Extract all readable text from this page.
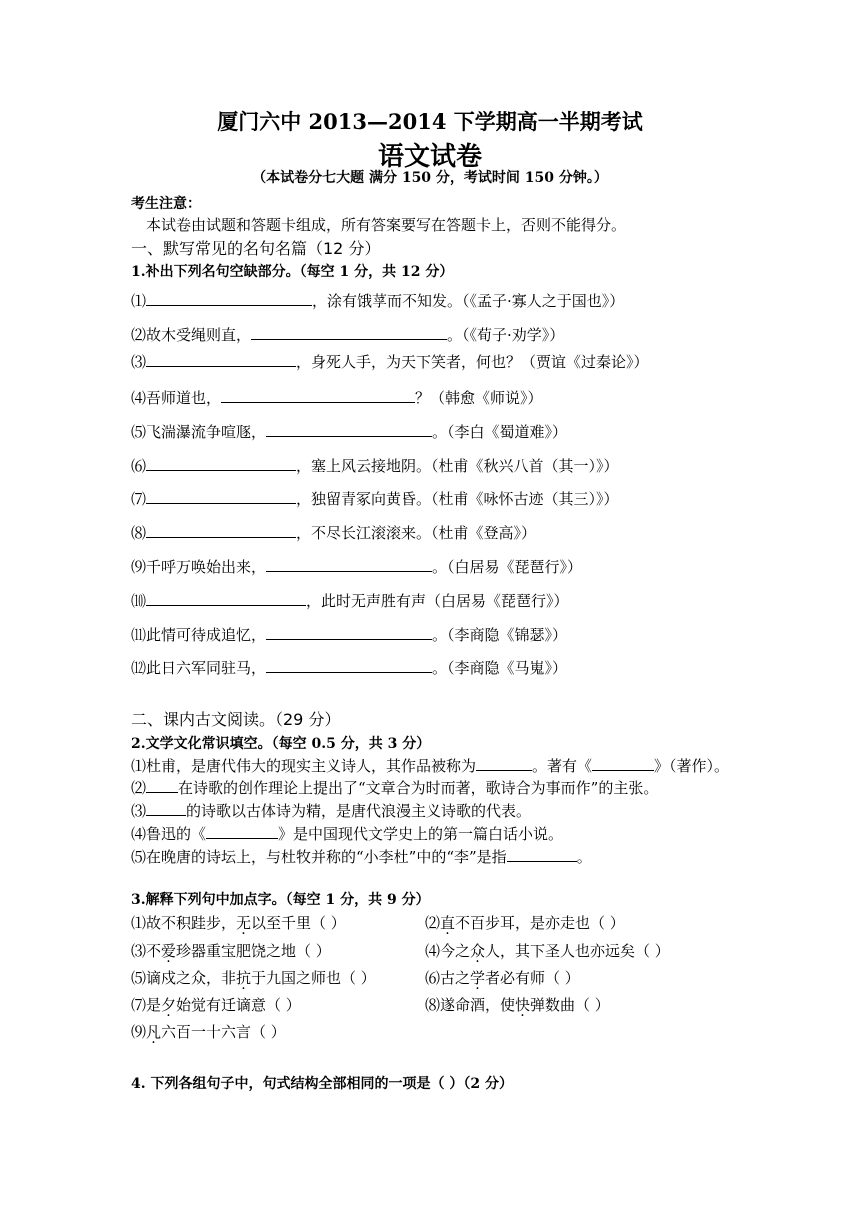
厦门六中 2013—2014 下学期高一半期考试
语文试卷
（本试卷分七大题 满分 150 分，考试时间 150 分钟。）
考生注意：
本试卷由试题和答题卡组成，所有答案要写在答题卡上，否则不能得分。
一、默写常见的名句名篇（12 分）
1.补出下列名句空缺部分。（每空 1 分，共 12 分）
⑴	，涂有饿莩而不知发。（《孟子·寡人之于国也》）
⑵故木受绳则直，	。（《荀子·劝学》）
⑶	，身死人手，为天下笑者，何也？（贾谊《过秦论》）
⑷吾师道也，	？（韩愈《师说》）
⑸飞湍瀑流争喧豗，	。（李白《蜀道难》）
⑹	，塞上风云接地阴。（杜甫《秋兴八首（其一）》）
⑺	，独留青冢向黄昏。（杜甫《咏怀古迹（其三）》）
⑻	，不尽长江滚滚来。（杜甫《登高》）
⑼千呼万唤始出来，	。（白居易《琵琶行》）
⑽	，此时无声胜有声（白居易《琵琶行》）
⑾此情可待成追忆，	。（李商隐《锦瑟》）
⑿此日六军同驻马，	。（李商隐《马嵬》）
二、课内古文阅读。（29 分）
2.文学文化常识填空。（每空 0.5 分，共 3 分）
⑴杜甫，是唐代伟大的现实主义诗人，其作品被称为	。著有《	》（著作）。
⑵ 在诗歌的创作理论上提出了“文章合为时而著，歌诗合为事而作”的主张。
⑶	的诗歌以古体诗为精，是唐代浪漫主义诗歌的代表。
⑷鲁迅的《	》是中国现代文学史上的第一篇白话小说。
⑸在晚唐的诗坛上，与杜牧并称的“小李杜”中的“李”是指	。
3.解释下列句中加点字。（每空 1 分，共 9 分）
⑴故不积跬步，无以至千里（ ）	⑵直不百步耳，是亦走也（ ）
⑶不爱珍器重宝肥饶之地（ ）	⑷今之众人，其下圣人也亦远矣（ ）
⑸谪戍之众，非抗于九国之师也（ ）	⑹古之学者必有师（ ）
⑺是夕始觉有迁谪意（ ）	⑻遂命酒，使快弹数曲（ ）
⑼凡六百一十六言（ ）
4. 下列各组句子中，句式结构全部相同的一项是（ ）（2 分）
